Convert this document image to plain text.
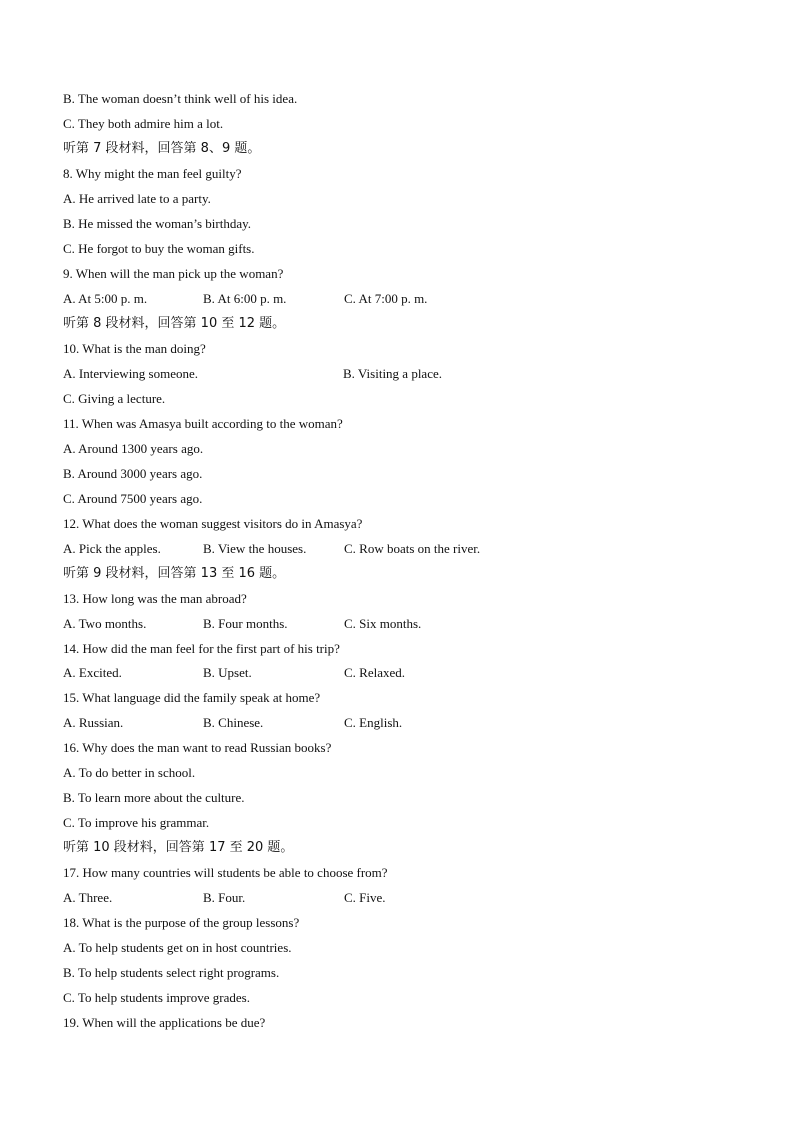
B. The woman doesn’t think well of his idea.
C. They both admire him a lot.
听第 7 段材料，回答第 8、9 题。
8. Why might the man feel guilty?
A. He arrived late to a party.
B. He missed the woman’s birthday.
C. He forgot to buy the woman gifts.
9. When will the man pick up the woman?
A. At 5:00 p. m.	B. At 6:00 p. m.	C. At 7:00 p. m.
听第 8 段材料，回答第 10 至 12 题。
10. What is the man doing?
A. Interviewing someone.	B. Visiting a place.
C. Giving a lecture.
11. When was Amasya built according to the woman?
A. Around 1300 years ago.
B. Around 3000 years ago.
C. Around 7500 years ago.
12. What does the woman suggest visitors do in Amasya?
A. Pick the apples.	B. View the houses.	C. Row boats on the river.
听第 9 段材料，回答第 13 至 16 题。
13. How long was the man abroad?
A. Two months.	B. Four months.	C. Six months.
14. How did the man feel for the first part of his trip?
A. Excited.	B. Upset.	C. Relaxed.
15. What language did the family speak at home?
A. Russian.	B. Chinese.	C. English.
16. Why does the man want to read Russian books?
A. To do better in school.
B. To learn more about the culture.
C. To improve his grammar.
听第 10 段材料，回答第 17 至 20 题。
17. How many countries will students be able to choose from?
A. Three.	B. Four.	C. Five.
18. What is the purpose of the group lessons?
A. To help students get on in host countries.
B. To help students select right programs.
C. To help students improve grades.
19. When will the applications be due?
